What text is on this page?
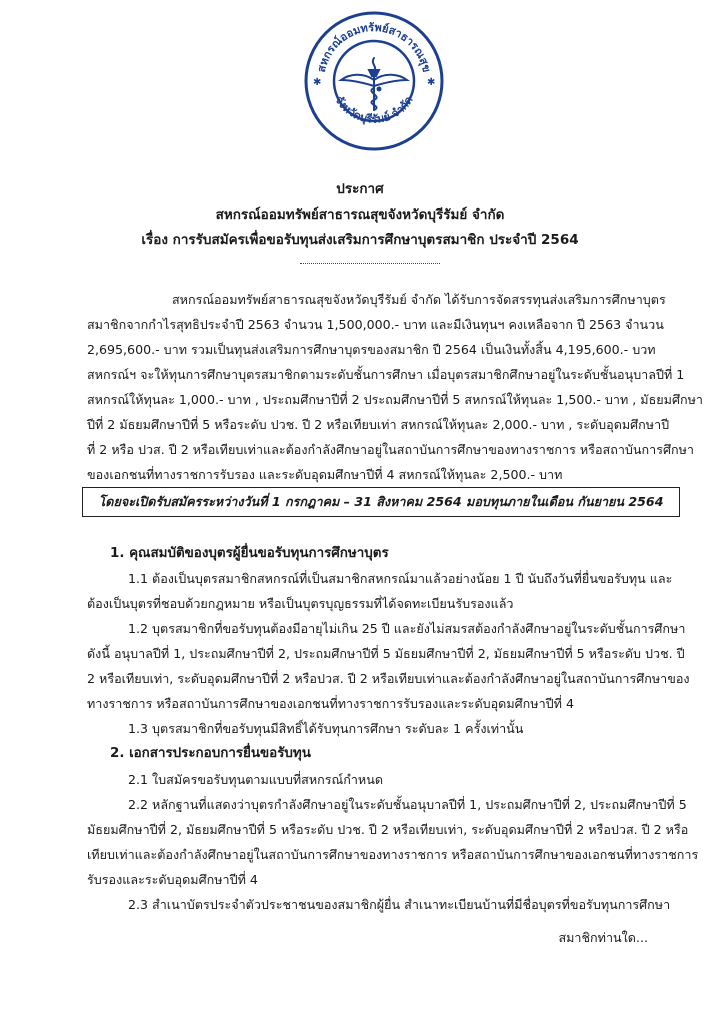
สหกรณ์ออมทรัพย์สาธารณสุข
จังหวัดบุรีรัมย์ จำกัด
✱	✱
ประกาศ
สหกรณ์ออมทรัพย์สาธารณสุขจังหวัดบุรีรัมย์ จำกัด
เรื่อง การรับสมัครเพื่อขอรับทุนส่งเสริมการศึกษาบุตรสมาชิก ประจำปี 2564
สหกรณ์ออมทรัพย์สาธารณสุขจังหวัดบุรีรัมย์ จำกัด ได้รับการจัดสรรทุนส่งเสริมการศึกษาบุตร
สมาชิกจากกำไรสุทธิประจำปี 2563 จำนวน 1,500,000.- บาท และมีเงินทุนฯ คงเหลือจาก ปี 2563 จำนวน
2,695,600.- บาท รวมเป็นทุนส่งเสริมการศึกษาบุตรของสมาชิก ปี 2564 เป็นเงินทั้งสิ้น 4,195,600.- บวท
สหกรณ์ฯ จะให้ทุนการศึกษาบุตรสมาชิกตามระดับชั้นการศึกษา เมื่อบุตรสมาชิกศึกษาอยู่ในระดับชั้นอนุบาลปีที่ 1
สหกรณ์ให้ทุนละ 1,000.- บาท , ประถมศึกษาปีที่ 2 ประถมศึกษาปีที่ 5 สหกรณ์ให้ทุนละ 1,500.- บาท , มัธยมศึกษา
ปีที่ 2 มัธยมศึกษาปีที่ 5 หรือระดับ ปวช. ปี 2 หรือเทียบเท่า สหกรณ์ให้ทุนละ 2,000.- บาท , ระดับอุดมศึกษาปี
ที่ 2 หรือ ปวส. ปี 2 หรือเทียบเท่าและต้องกำลังศึกษาอยู่ในสถาบันการศึกษาของทางราชการ หรือสถาบันการศึกษา
ของเอกชนที่ทางราชการรับรอง และระดับอุดมศึกษาปีที่ 4 สหกรณ์ให้ทุนละ 2,500.- บาท
โดยจะเปิดรับสมัครระหว่างวันที่ 1 กรกฎาคม – 31 สิงหาคม 2564 มอบทุนภายในเดือน กันยายน 2564
1. คุณสมบัติของบุตรผู้ยื่นขอรับทุนการศึกษาบุตร
1.1 ต้องเป็นบุตรสมาชิกสหกรณ์ที่เป็นสมาชิกสหกรณ์มาแล้วอย่างน้อย 1 ปี นับถึงวันที่ยื่นขอรับทุน และ
ต้องเป็นบุตรที่ชอบด้วยกฎหมาย หรือเป็นบุตรบุญธรรมที่ได้จดทะเบียนรับรองแล้ว
1.2 บุตรสมาชิกที่ขอรับทุนต้องมีอายุไม่เกิน 25 ปี และยังไม่สมรสต้องกำลังศึกษาอยู่ในระดับชั้นการศึกษา
ดังนี้ อนุบาลปีที่ 1, ประถมศึกษาปีที่ 2, ประถมศึกษาปีที่ 5 มัธยมศึกษาปีที่ 2, มัธยมศึกษาปีที่ 5 หรือระดับ ปวช. ปี
2 หรือเทียบเท่า, ระดับอุดมศึกษาปีที่ 2 หรือปวส. ปี 2 หรือเทียบเท่าและต้องกำลังศึกษาอยู่ในสถาบันการศึกษาของ
ทางราชการ หรือสถาบันการศึกษาของเอกชนที่ทางราชการรับรองและระดับอุดมศึกษาปีที่ 4
1.3 บุตรสมาชิกที่ขอรับทุนมีสิทธิ์ได้รับทุนการศึกษา ระดับละ 1 ครั้งเท่านั้น
2. เอกสารประกอบการยื่นขอรับทุน
2.1 ใบสมัครขอรับทุนตามแบบที่สหกรณ์กำหนด
2.2 หลักฐานที่แสดงว่าบุตรกำลังศึกษาอยู่ในระดับชั้นอนุบาลปีที่ 1, ประถมศึกษาปีที่ 2, ประถมศึกษาปีที่ 5
มัธยมศึกษาปีที่ 2, มัธยมศึกษาปีที่ 5 หรือระดับ ปวช. ปี 2 หรือเทียบเท่า, ระดับอุดมศึกษาปีที่ 2 หรือปวส. ปี 2 หรือ
เทียบเท่าและต้องกำลังศึกษาอยู่ในสถาบันการศึกษาของทางราชการ หรือสถาบันการศึกษาของเอกชนที่ทางราชการ
รับรองและระดับอุดมศึกษาปีที่ 4
2.3 สำเนาบัตรประจำตัวประชาชนของสมาชิกผู้ยื่น สำเนาทะเบียนบ้านที่มีชื่อบุตรที่ขอรับทุนการศึกษา
สมาชิกท่านใด...
